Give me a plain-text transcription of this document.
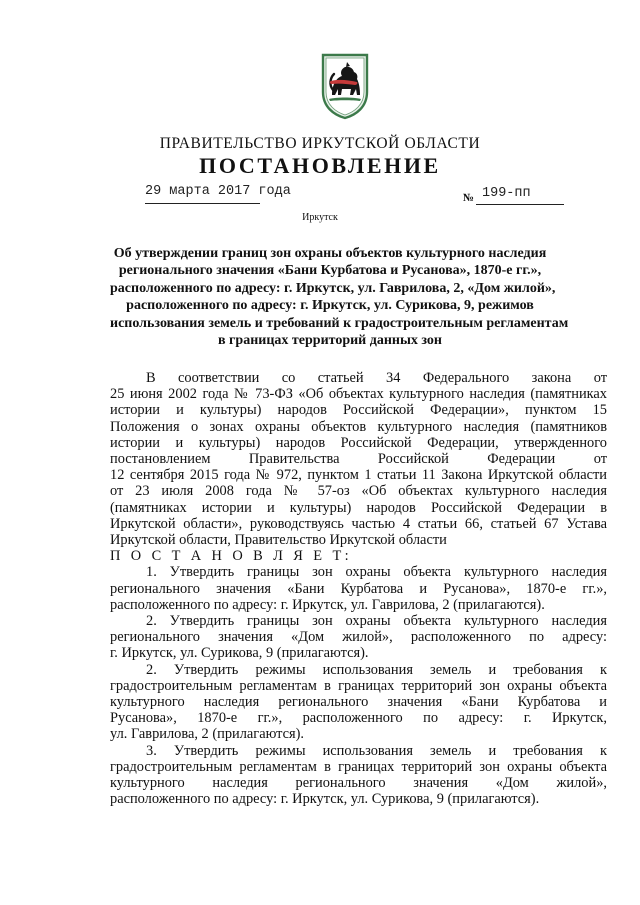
ПРАВИТЕЛЬСТВО ИРКУТСКОЙ ОБЛАСТИ
ПОСТАНОВЛЕНИЕ
29 марта 2017 года	№ 199-пп
Иркутск
Об утверждении границ зон охраны объектов культурного наследия
регионального значения «Бани Курбатова и Русанова», 1870-е гг.»,
расположенного по адресу: г. Иркутск, ул. Гаврилова, 2, «Дом жилой»,
расположенного по адресу: г. Иркутск, ул. Сурикова, 9, режимов
использования земель и требований к градостроительным регламентам
в границах территорий данных зон
В соответствии со статьей 34 Федерального закона от
25 июня 2002 года № 73-ФЗ «Об объектах культурного наследия (памятниках
истории и культуры) народов Российской Федерации», пунктом 15
Положения о зонах охраны объектов культурного наследия (памятников
истории и культуры) народов Российской Федерации, утвержденного
постановлением Правительства Российской Федерации от
12 сентября 2015 года № 972, пунктом 1 статьи 11 Закона Иркутской области
от 23 июля 2008 года № 57-оз «Об объектах культурного наследия
(памятниках истории и культуры) народов Российской Федерации в
Иркутской области», руководствуясь частью 4 статьи 66, статьей 67 Устава
Иркутской области, Правительство Иркутской области
П О С Т А Н О В Л Я Е Т:
1. Утвердить границы зон охраны объекта культурного наследия
регионального значения «Бани Курбатова и Русанова», 1870-е гг.»,
расположенного по адресу: г. Иркутск, ул. Гаврилова, 2 (прилагаются).
2. Утвердить границы зон охраны объекта культурного наследия
регионального значения «Дом жилой», расположенного по адресу:
г. Иркутск, ул. Сурикова, 9 (прилагаются).
2. Утвердить режимы использования земель и требования к
градостроительным регламентам в границах территорий зон охраны объекта
культурного наследия регионального значения «Бани Курбатова и
Русанова», 1870-е гг.», расположенного по адресу: г. Иркутск,
ул. Гаврилова, 2 (прилагаются).
3. Утвердить режимы использования земель и требования к
градостроительным регламентам в границах территорий зон охраны объекта
культурного наследия регионального значения «Дом жилой»,
расположенного по адресу: г. Иркутск, ул. Сурикова, 9 (прилагаются).
